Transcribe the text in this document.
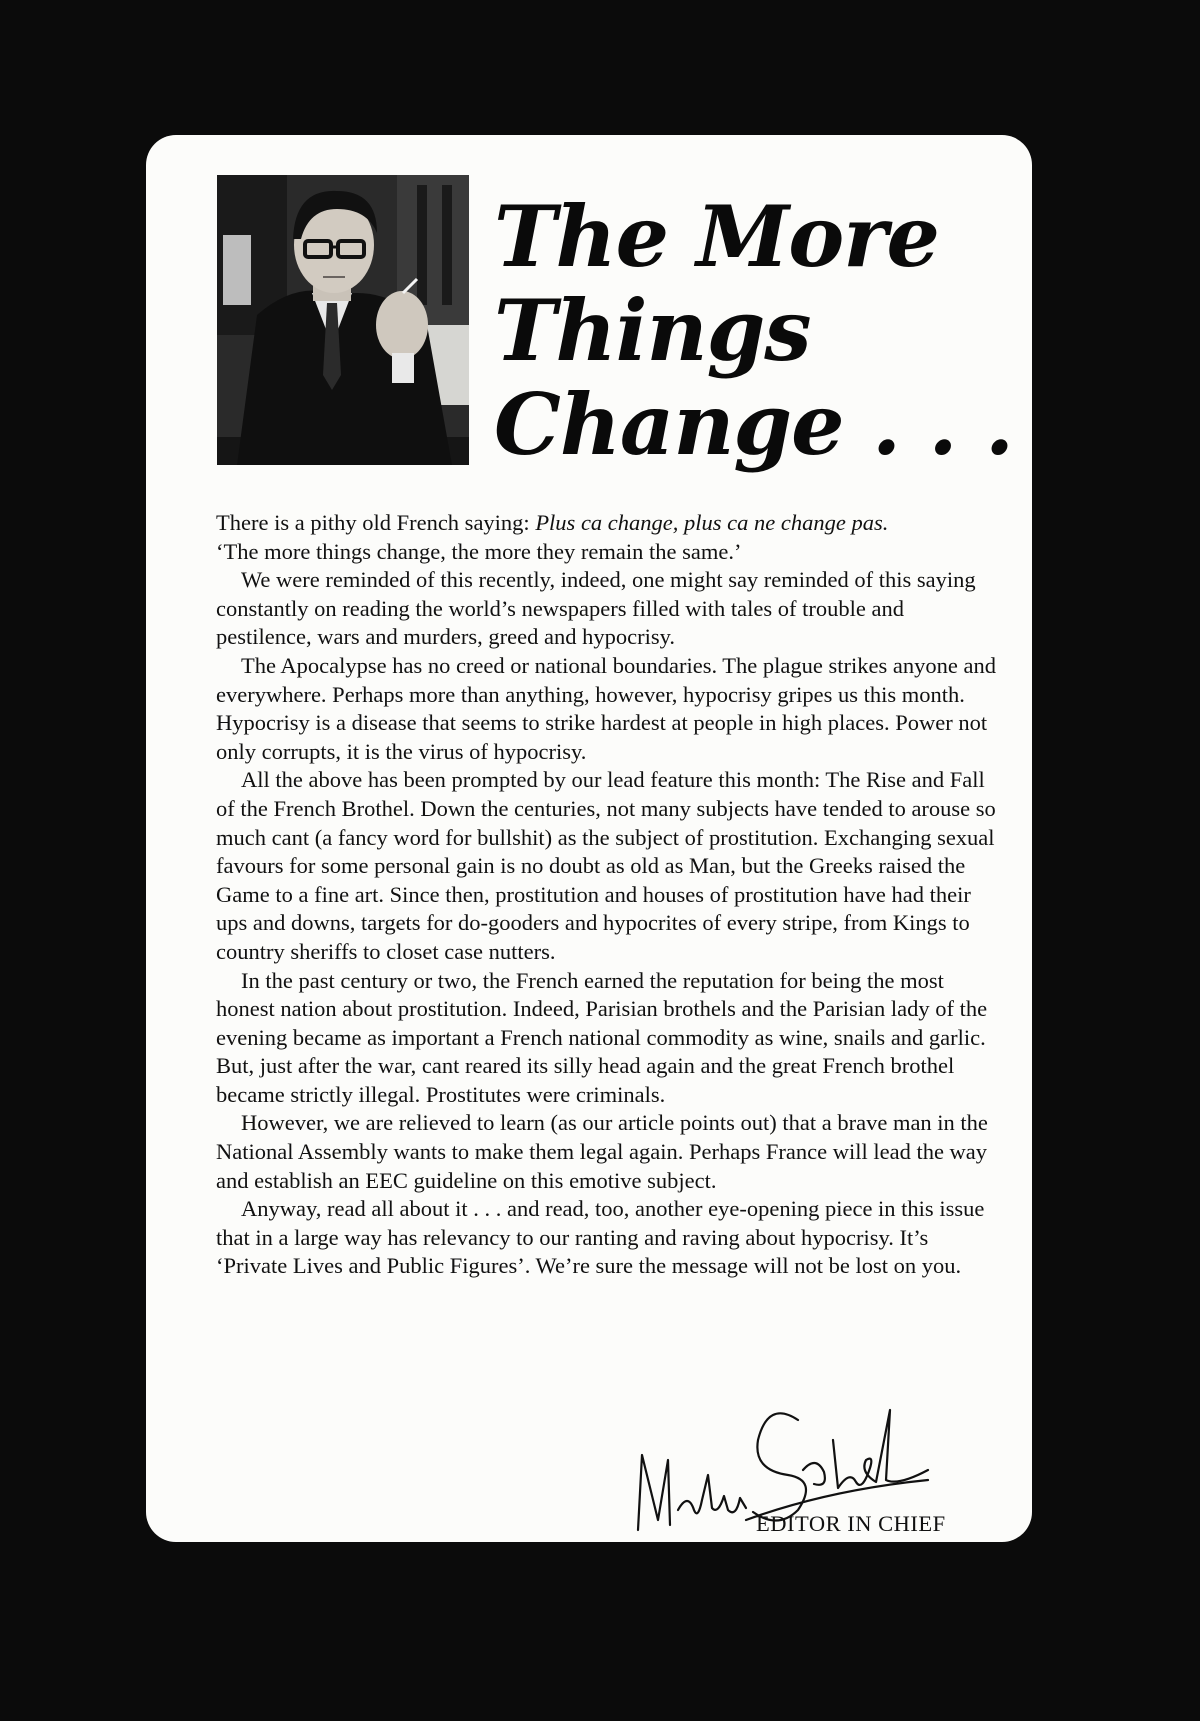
The More
Things
Change . . .

There is a pithy old French saying: Plus ca change, plus ca ne change pas.
‘The more things change, the more they remain the same.’

We were reminded of this recently, indeed, one might say reminded of this saying constantly on reading the world’s newspapers filled with tales of trouble and pestilence, wars and murders, greed and hypocrisy.

The Apocalypse has no creed or national boundaries. The plague strikes anyone and everywhere. Perhaps more than anything, however, hypocrisy gripes us this month. Hypocrisy is a disease that seems to strike hardest at people in high places. Power not only corrupts, it is the virus of hypocrisy.

All the above has been prompted by our lead feature this month: The Rise and Fall of the French Brothel. Down the centuries, not many subjects have tended to arouse so much cant (a fancy word for bullshit) as the subject of prostitution. Exchanging sexual favours for some personal gain is no doubt as old as Man, but the Greeks raised the Game to a fine art. Since then, prostitution and houses of prostitution have had their ups and downs, targets for do-gooders and hypocrites of every stripe, from Kings to country sheriffs to closet case nutters.

In the past century or two, the French earned the reputation for being the most honest nation about prostitution. Indeed, Parisian brothels and the Parisian lady of the evening became as important a French national commodity as wine, snails and garlic. But, just after the war, cant reared its silly head again and the great French brothel became strictly illegal. Prostitutes were criminals.

However, we are relieved to learn (as our article points out) that a brave man in the National Assembly wants to make them legal again. Perhaps France will lead the way and establish an EEC guideline on this emotive subject.

Anyway, read all about it . . . and read, too, another eye-opening piece in this issue that in a large way has relevancy to our ranting and raving about hypocrisy. It’s ‘Private Lives and Public Figures’. We’re sure the message will not be lost on you.

EDITOR IN CHIEF
